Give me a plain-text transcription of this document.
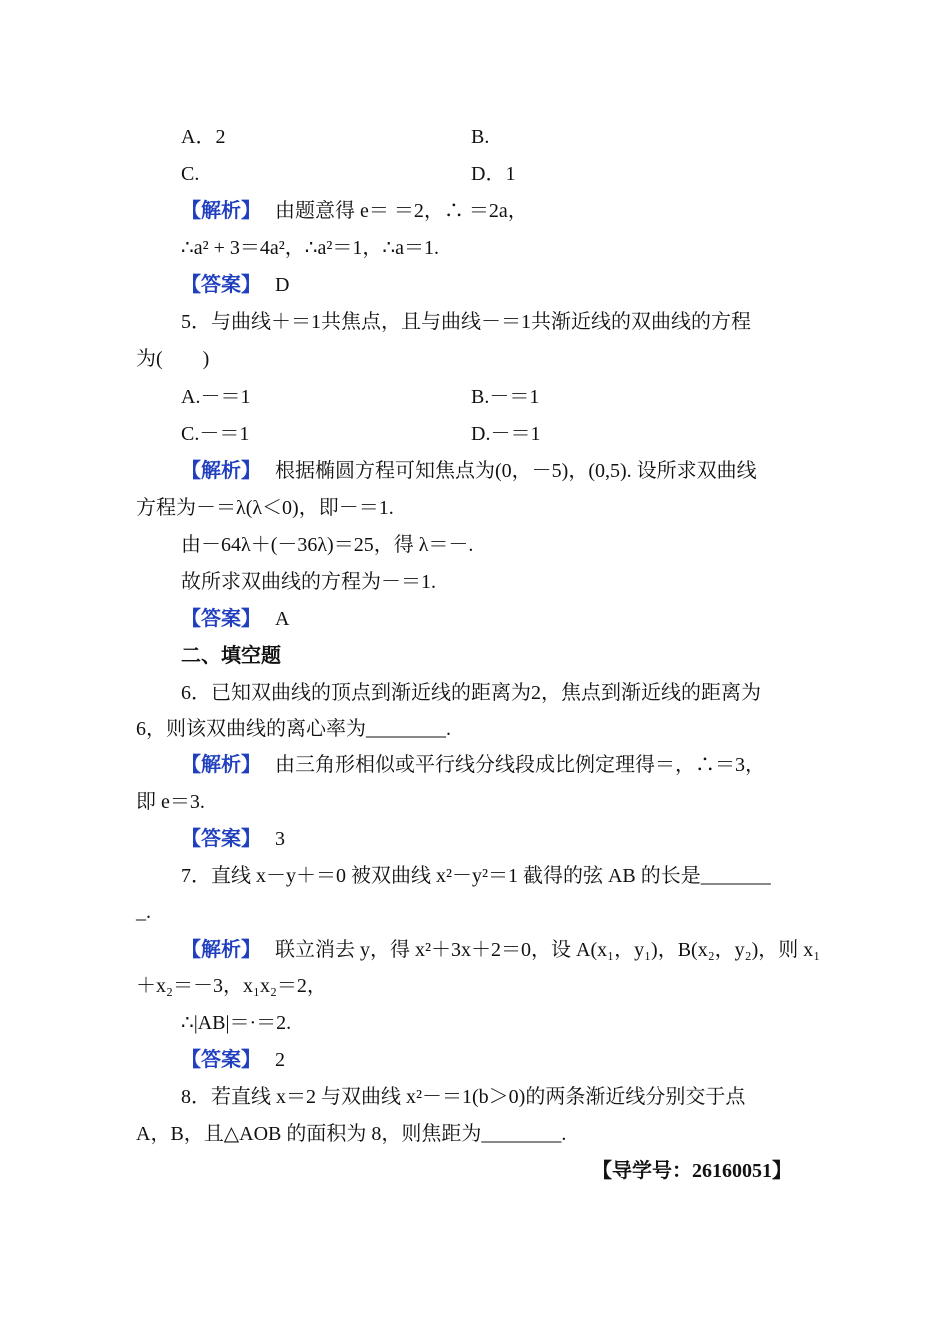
A．2	B.
C.	D．1
【解析】 由题意得 e＝ ＝2，∴ ＝2a，
∴a² + 3＝4a²，∴a²＝1，∴a＝1.
【答案】 D
5．与曲线＋＝1共焦点，且与曲线－＝1共渐近线的双曲线的方程
为(　　)
A.－＝1	B.－＝1
C.－＝1	D.－＝1
【解析】 根据椭圆方程可知焦点为(0，－5)，(0,5). 设所求双曲线
方程为－＝λ(λ＜0)，即－＝1.
由－64λ＋(－36λ)＝25，得 λ＝－.
故所求双曲线的方程为－＝1.
【答案】 A
二、填空题
6．已知双曲线的顶点到渐近线的距离为2，焦点到渐近线的距离为
6，则该双曲线的离心率为________.
【解析】 由三角形相似或平行线分线段成比例定理得＝，∴＝3，
即 e＝3.
【答案】 3
7．直线 x－y＋＝0 被双曲线 x²－y²＝1 截得的弦 AB 的长是_______
_.
【解析】 联立消去 y，得 x²＋3x＋2＝0，设 A(x₁，y₁)，B(x₂，y₂)，则 x₁
＋x₂＝－3，x₁x₂＝2，
∴|AB|＝·＝2.
【答案】 2
8．若直线 x＝2 与双曲线 x²－＝1(b＞0)的两条渐近线分别交于点
A，B，且△AOB 的面积为 8，则焦距为________.
【导学号：26160051】
